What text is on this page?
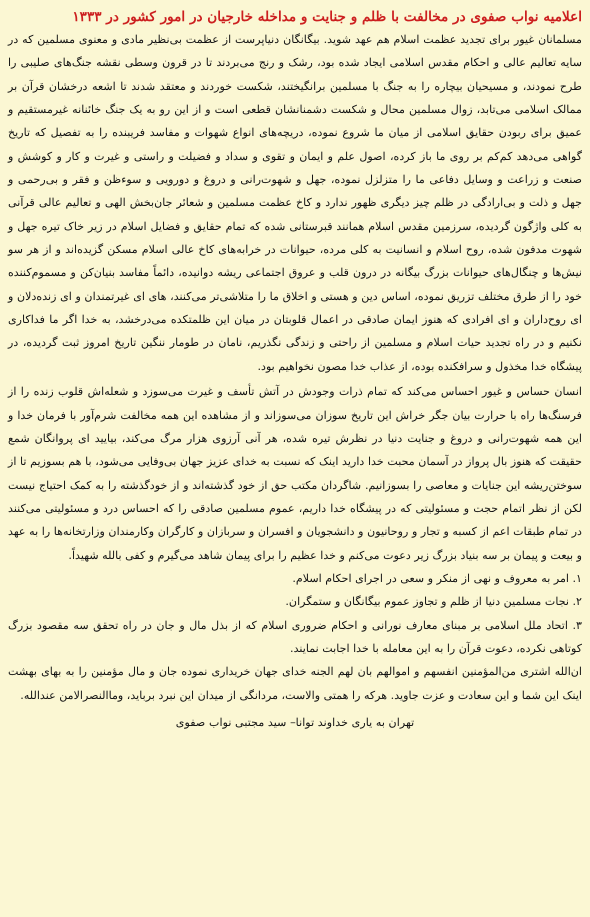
اعلامیه نواب صفوی در مخالفت با ظلم و جنایت و مداخله خارجیان در امور کشور در ۱۳۳۳

مسلمانان غیور برای تجدید عظمت اسلام هم عهد شوید. بیگانگان دنیاپرست از عظمت بی‌نظیر مادی و معنوی مسلمین که در سایه تعالیم عالی و احکام مقدس اسلامی ایجاد شده بود، رشک و رنج می‌بردند تا در قرون وسطی نقشه جنگ‌های صلیبی را طرح نمودند، و مسیحیان بیچاره را به جنگ با مسلمین برانگیختند، شکست خوردند و معتقد شدند تا اشعه درخشان قرآن بر ممالک اسلامی می‌تابد، زوال مسلمین محال و شکست دشمنانشان قطعی است و از این رو به یک جنگ خائنانه غیرمستقیم و عمیق برای ربودن حقایق اسلامی از میان ما شروع نموده، دریچه‌های انواع شهوات و مفاسد فریبنده را به تفصیل که تاریخ گواهی می‌دهد کم‌کم بر روی ما باز کرده، اصول علم و ایمان و تقوی و سداد و فضیلت و راستی و غیرت و کار و کوشش و صنعت و زراعت و وسایل دفاعی ما را متزلزل نموده، جهل و شهوت‌رانی و دروغ و دورویی و سوءظن و فقر و بی‌رحمی و جهل و ذلت و بی‌ارادگی در ظلم چیز دیگری ظهور ندارد و کاخ عظمت مسلمین و شعائر جان‌بخش الهی و تعالیم عالی قرآنی به کلی واژگون گردیده، سرزمین مقدس اسلام همانند قبرستانی شده که تمام حقایق و فضایل اسلام در زیر خاک تیره جهل و شهوت مدفون شده، روح اسلام و انسانیت به کلی مرده، حیوانات در خرابه‌های کاخ عالی اسلام مسکن گزیده‌اند و از هر سو نیش‌ها و چنگال‌های حیوانات بزرگ بیگانه در درون قلب و عروق اجتماعی ریشه دوانیده، دائماً مفاسد بنیان‌کن و مسموم‌کننده خود را از طرق مختلف تزریق نموده، اساس دین و هستی و اخلاق ما را متلاشی‌تر می‌کنند، های ای غیرتمندان و ای زنده‌دلان و ای روح‌داران و ای افرادی که هنوز ایمان صادقی در اعمال قلوبتان در میان این ظلمتکده می‌درخشد، به خدا اگر ما فداکاری نکنیم و در راه تجدید حیات اسلام و مسلمین از راحتی و زندگی نگذریم، نامان در طومار ننگین تاریخ امروز ثبت گردیده، در پیشگاه خدا مخذول و سرافکنده بوده، از عذاب خدا مصون نخواهیم بود.

انسان حساس و غیور احساس می‌کند که تمام ذرات وجودش در آتش تأسف و غیرت می‌سوزد و شعله‌اش قلوب زنده را از فرسنگ‌ها راه با حرارت بیان جگر خراش این تاریخ سوزان می‌سوزاند و از مشاهده این همه مخالفت شرم‌آور با فرمان خدا و این همه شهوت‌رانی و دروغ و جنایت دنیا در نظرش تیره شده، هر آنی آرزوی هزار مرگ می‌کند، بیایید ای پروانگان شمع حقیقت که هنوز بال پرواز در آسمان محبت خدا دارید اینک که نسبت به خدای عزیز جهان بی‌وفایی می‌شود، با هم بسوزیم تا از سوختن‌ریشه این جنایات و معاصی را بسوزانیم. شاگردان مکتب حق از خود گذشته‌اند و از خودگذشته را به کمک احتیاج نیست لکن از نظر اتمام حجت و مسئولیتی که در پیشگاه خدا داریم، عموم مسلمین صادقی را که احساس درد و مسئولیتی می‌کنند در تمام طبقات اعم از کسبه و تجار و روحانیون و دانشجویان و افسران و سربازان و کارگران وکارمندان وزارتخانه‌ها را به عهد و بیعت و پیمان بر سه بنیاد بزرگ زیر دعوت می‌کنم و خدا عظیم را برای پیمان شاهد می‌گیرم و کفی بالله شهیداً.

۱. امر به معروف و نهی از منکر و سعی در اجرای احکام اسلام.

۲. نجات مسلمین دنیا از ظلم و تجاوز عموم بیگانگان و ستمگران.

۳. اتحاد ملل اسلامی بر مبنای معارف نورانی و احکام ضروری اسلام که از بذل مال و جان در راه تحقق سه مقصود بزرگ کوتاهی نکرده، دعوت قرآن را به این معامله با خدا اجابت نمایند.

ان‌الله اشتری من‌المؤمنین انفسهم و اموالهم بان لهم الجنه خدای جهان خریداری نموده جان و مال مؤمنین را به بهای بهشت اینک این شما و این سعادت و عزت جاوید. هرکه را همتی والاست، مردانگی از میدان این نبرد برباید، وماالنصرالامن عندالله.

تهران به یاری خداوند توانا– سید مجتبی نواب صفوی
